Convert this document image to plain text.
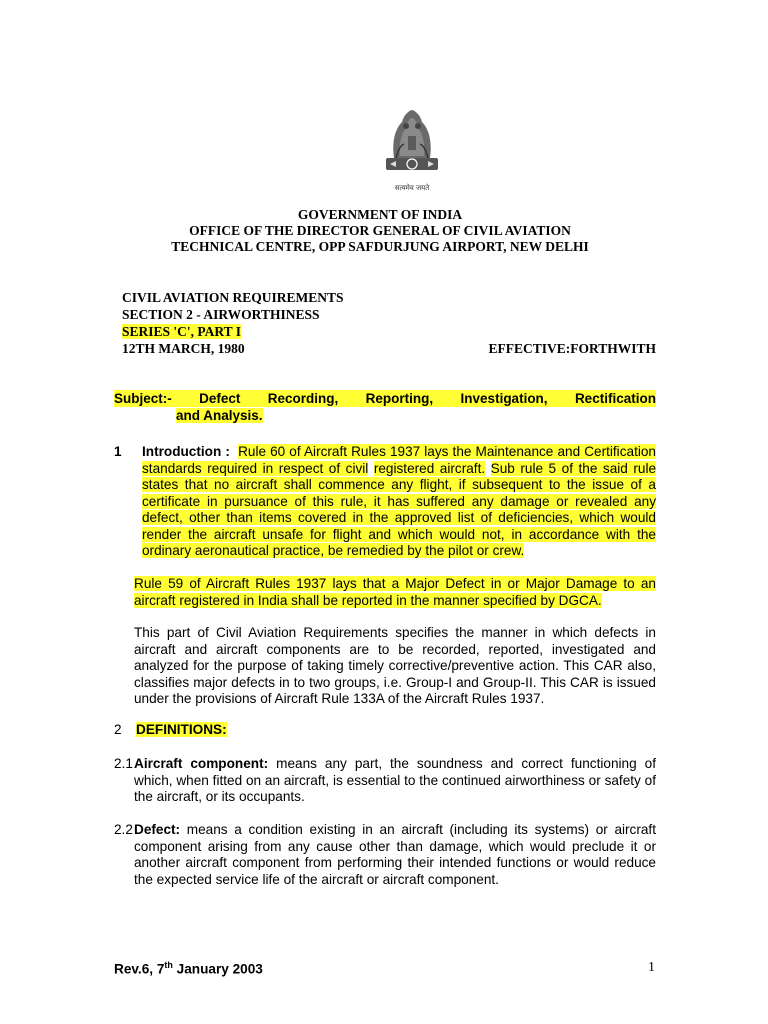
सत्यमेव जयते
GOVERNMENT OF INDIA
OFFICE OF THE DIRECTOR GENERAL OF CIVIL AVIATION
TECHNICAL CENTRE, OPP SAFDURJUNG AIRPORT, NEW DELHI
CIVIL AVIATION REQUIREMENTS
SECTION 2 - AIRWORTHINESS
SERIES 'C', PART I
12TH MARCH, 1980	EFFECTIVE:FORTHWITH
Subject:- Defect Recording, Reporting, Investigation, Rectification
and Analysis.
1 Introduction : Rule 60 of Aircraft Rules 1937 lays the Maintenance and Certification standards required in respect of civil registered aircraft. Sub rule 5 of the said rule states that no aircraft shall commence any flight, if subsequent to the issue of a certificate in pursuance of this rule, it has suffered any damage or revealed any defect, other than items covered in the approved list of deficiencies, which would render the aircraft unsafe for flight and which would not, in accordance with the ordinary aeronautical practice, be remedied by the pilot or crew.
Rule 59 of Aircraft Rules 1937 lays that a Major Defect in or Major Damage to an aircraft registered in India shall be reported in the manner specified by DGCA.
This part of Civil Aviation Requirements specifies the manner in which defects in aircraft and aircraft components are to be recorded, reported, investigated and analyzed for the purpose of taking timely corrective/preventive action. This CAR also, classifies major defects in to two groups, i.e. Group-I and Group-II. This CAR is issued under the provisions of Aircraft Rule 133A of the Aircraft Rules 1937.
2 DEFINITIONS:
2.1 Aircraft component: means any part, the soundness and correct functioning of which, when fitted on an aircraft, is essential to the continued airworthiness or safety of the aircraft, or its occupants.
2.2 Defect: means a condition existing in an aircraft (including its systems) or aircraft component arising from any cause other than damage, which would preclude it or another aircraft component from performing their intended functions or would reduce the expected service life of the aircraft or aircraft component.
Rev.6, 7th January 2003	1
